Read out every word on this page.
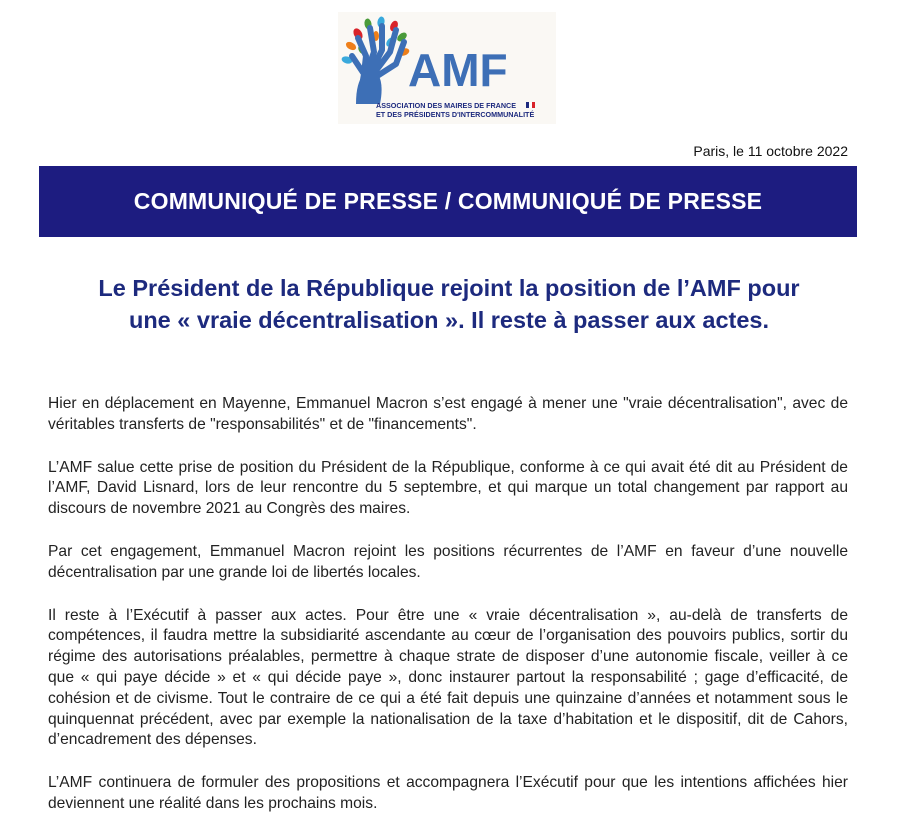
AMF
ASSOCIATION DES MAIRES DE FRANCE
ET DES PRÉSIDENTS D'INTERCOMMUNALITÉ
Paris, le 11 octobre 2022
COMMUNIQUÉ DE PRESSE / COMMUNIQUÉ DE PRESSE
Le Président de la République rejoint la position de l’AMF pour
une « vraie décentralisation ». Il reste à passer aux actes.

Hier en déplacement en Mayenne, Emmanuel Macron s’est engagé à mener une "vraie décentralisation", avec de véritables transferts de "responsabilités" et de "financements".

L’AMF salue cette prise de position du Président de la République, conforme à ce qui avait été dit au Président de l’AMF, David Lisnard, lors de leur rencontre du 5 septembre, et qui marque un total changement par rapport au discours de novembre 2021 au Congrès des maires.

Par cet engagement, Emmanuel Macron rejoint les positions récurrentes de l’AMF en faveur d’une nouvelle décentralisation par une grande loi de libertés locales.

Il reste à l’Exécutif à passer aux actes. Pour être une « vraie décentralisation », au-delà de transferts de compétences, il faudra mettre la subsidiarité ascendante au cœur de l’organisation des pouvoirs publics, sortir du régime des autorisations préalables, permettre à chaque strate de disposer d’une autonomie fiscale, veiller à ce que « qui paye décide » et « qui décide paye », donc instaurer partout la responsabilité ; gage d’efficacité, de cohésion et de civisme. Tout le contraire de ce qui a été fait depuis une quinzaine d’années et notamment sous le quinquennat précédent, avec par exemple la nationalisation de la taxe d’habitation et le dispositif, dit de Cahors, d’encadrement des dépenses.

L’AMF continuera de formuler des propositions et accompagnera l’Exécutif pour que les intentions affichées hier deviennent une réalité dans les prochains mois.
